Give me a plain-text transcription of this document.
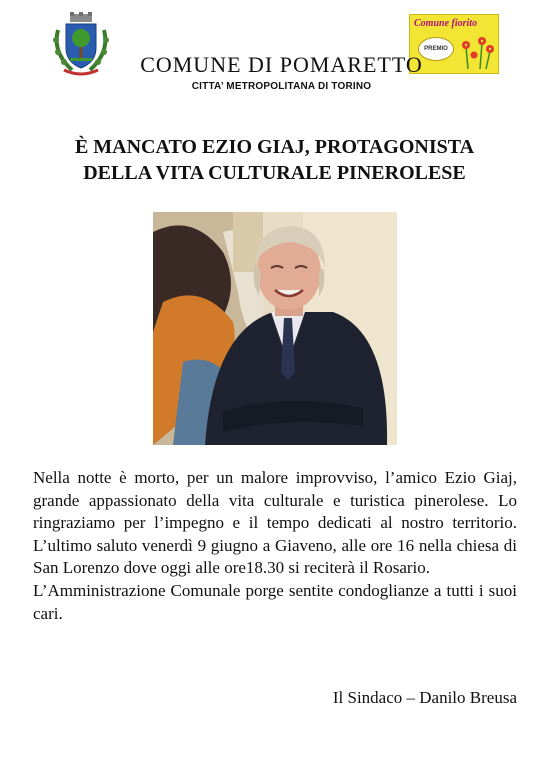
Comune fiorito
PREMIO
COMUNE DI POMARETTO
CITTA’ METROPOLITANA DI TORINO
È MANCATO EZIO GIAJ, PROTAGONISTA
DELLA VITA CULTURALE PINEROLESE
Nella notte è morto, per un malore improvviso, l’amico Ezio Giaj, grande appassionato della vita culturale e turistica pinerolese. Lo ringraziamo per l’impegno e il tempo dedicati al nostro territorio. L’ultimo saluto venerdì 9 giugno a Giaveno, alle ore 16 nella chiesa di San Lorenzo dove oggi alle ore18.30 si reciterà il Rosario.
L’Amministrazione Comunale porge sentite condoglianze a tutti i suoi cari.
Il Sindaco – Danilo Breusa
